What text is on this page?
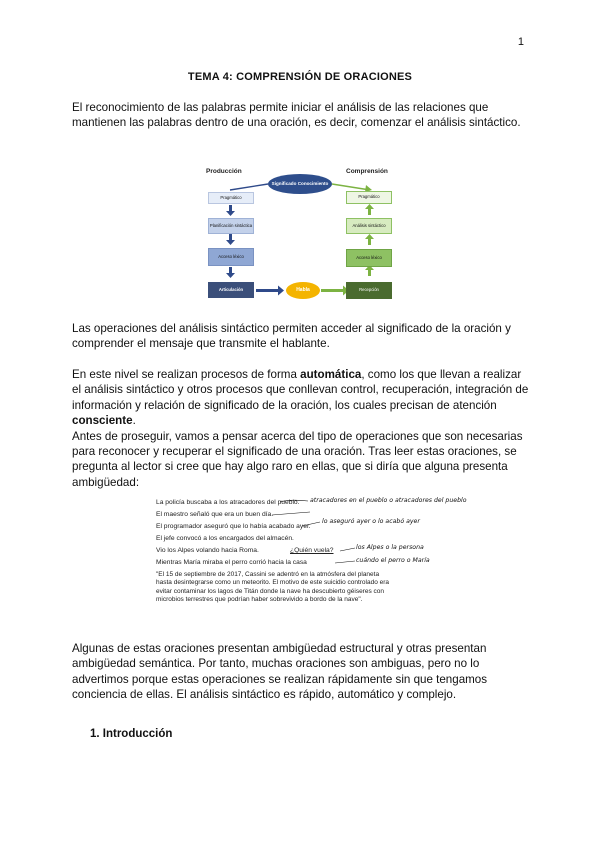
1
TEMA 4: COMPRENSIÓN DE ORACIONES
El reconocimiento de las palabras permite iniciar el análisis de las relaciones que mantienen las palabras dentro de una oración, es decir, comenzar el análisis sintáctico.
Producción	Comprensión
Significado Conocimiento
Pragmático
Planificación sintáctica
Acceso léxico
Articulación	Habla
Pragmático
Análisis sintáctico
Acceso léxico
Recepción
Las operaciones del análisis sintáctico permiten acceder al significado de la oración y comprender el mensaje que transmite el hablante.
En este nivel se realizan procesos de forma automática, como los que llevan a realizar el análisis sintáctico y otros procesos que conllevan control, recuperación, integración de información y relación de significado de la oración, los cuales precisan de atención consciente.
Antes de proseguir, vamos a pensar acerca del tipo de operaciones que son necesarias para reconocer y recuperar el significado de una oración. Tras leer estas oraciones, se pregunta al lector si cree que hay algo raro en ellas, que si diría que alguna presenta ambigüedad:
La policía buscaba a los atracadores del pueblo.
El maestro señaló que era un buen día.
El programador aseguró que lo había acabado ayer.
El jefe convocó a los encargados del almacén.
Vio los Alpes volando hacia Roma.	¿Quién vuela?
Mientras María miraba el perro corrió hacia la casa
atracadores en el pueblo o atracadores del pueblo
lo aseguró ayer o lo acabó ayer
los Alpes o la persona
cuándo el perro o María
"El 15 de septiembre de 2017, Cassini se adentró en la atmósfera del planeta hasta desintegrarse como un meteorito. El motivo de este suicidio controlado era evitar contaminar los lagos de Titán donde la nave ha descubierto géiseres con microbios terrestres que podrían haber sobrevivido a bordo de la nave".
Algunas de estas oraciones presentan ambigüedad estructural y otras presentan ambigüedad semántica. Por tanto, muchas oraciones son ambiguas, pero no lo advertimos porque estas operaciones se realizan rápidamente sin que tengamos conciencia de ellas. El análisis sintáctico es rápido, automático y complejo.
1. Introducción
